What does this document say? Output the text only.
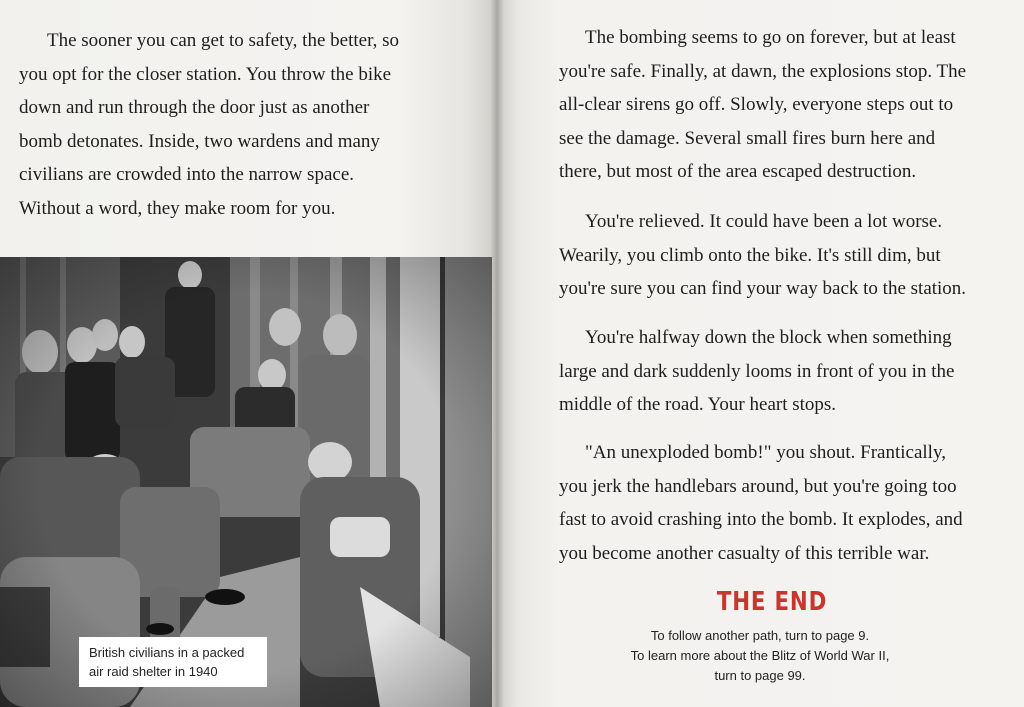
The sooner you can get to safety, the better, so
you opt for the closer station. You throw the bike
down and run through the door just as another
bomb detonates. Inside, two wardens and many
civilians are crowded into the narrow space.
Without a word, they make room for you.
British civilians in a packed
air raid shelter in 1940
The bombing seems to go on forever, but at least
you're safe. Finally, at dawn, the explosions stop. The
all-clear sirens go off. Slowly, everyone steps out to
see the damage. Several small fires burn here and
there, but most of the area escaped destruction.
You're relieved. It could have been a lot worse.
Wearily, you climb onto the bike. It's still dim, but
you're sure you can find your way back to the station.
You're halfway down the block when something
large and dark suddenly looms in front of you in the
middle of the road. Your heart stops.
"An unexploded bomb!" you shout. Frantically,
you jerk the handlebars around, but you're going too
fast to avoid crashing into the bomb. It explodes, and
you become another casualty of this terrible war.
THE END
To follow another path, turn to page 9.
To learn more about the Blitz of World War II,
turn to page 99.
